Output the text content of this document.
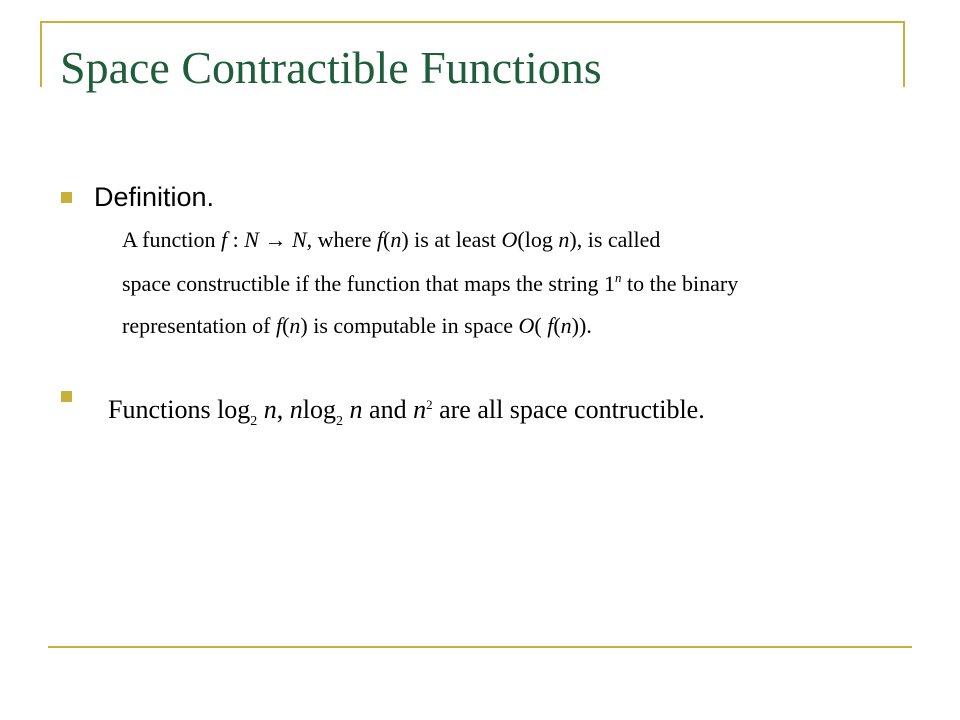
Space Contractible Functions
Definition.
A function f : N → N, where f(n) is at least O(log n), is called
space constructible if the function that maps the string 1$^n$ to the binary
representation of f(n) is computable in space O( f(n)).
Functions $\log_2 n$, nlog$_2$ n and $n^2$ are all space contructible.
